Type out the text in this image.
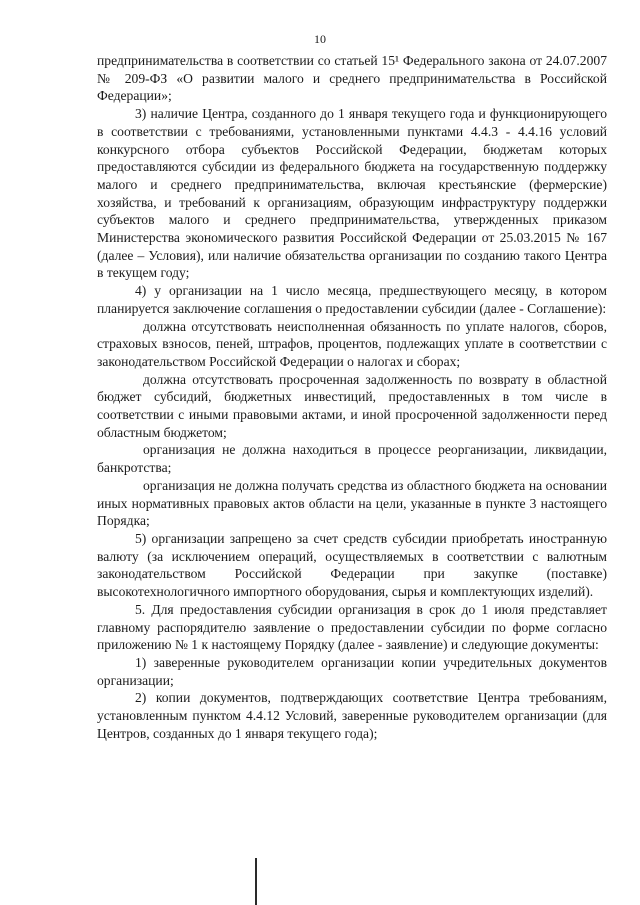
10

предпринимательства в соответствии со статьей 15¹ Федерального закона от 24.07.2007 № 209-ФЗ «О развитии малого и среднего предпринимательства в Российской Федерации»;

3) наличие Центра, созданного до 1 января текущего года и функционирующего в соответствии с требованиями, установленными пунктами 4.4.3 - 4.4.16 условий конкурсного отбора субъектов Российской Федерации, бюджетам которых предоставляются субсидии из федерального бюджета на государственную поддержку малого и среднего предпринимательства, включая крестьянские (фермерские) хозяйства, и требований к организациям, образующим инфраструктуру поддержки субъектов малого и среднего предпринимательства, утвержденных приказом Министерства экономического развития Российской Федерации от 25.03.2015 № 167 (далее – Условия), или наличие обязательства организации по созданию такого Центра в текущем году;

4) у организации на 1 число месяца, предшествующего месяцу, в котором планируется заключение соглашения о предоставлении субсидии (далее - Соглашение):

должна отсутствовать неисполненная обязанность по уплате налогов, сборов, страховых взносов, пеней, штрафов, процентов, подлежащих уплате в соответствии с законодательством Российской Федерации о налогах и сборах;

должна отсутствовать просроченная задолженность по возврату в областной бюджет субсидий, бюджетных инвестиций, предоставленных в том числе в соответствии с иными правовыми актами, и иной просроченной задолженности перед областным бюджетом;

организация не должна находиться в процессе реорганизации, ликвидации, банкротства;

организация не должна получать средства из областного бюджета на основании иных нормативных правовых актов области на цели, указанные в пункте 3 настоящего Порядка;

5) организации запрещено за счет средств субсидии приобретать иностранную валюту (за исключением операций, осуществляемых в соответствии с валютным законодательством Российской Федерации при закупке (поставке) высокотехнологичного импортного оборудования, сырья и комплектующих изделий).

5. Для предоставления субсидии организация в срок до 1 июля представляет главному распорядителю заявление о предоставлении субсидии по форме согласно приложению № 1 к настоящему Порядку (далее - заявление) и следующие документы:

1) заверенные руководителем организации копии учредительных документов организации;

2) копии документов, подтверждающих соответствие Центра требованиям, установленным пунктом 4.4.12 Условий, заверенные руководителем организации (для Центров, созданных до 1 января текущего года);
